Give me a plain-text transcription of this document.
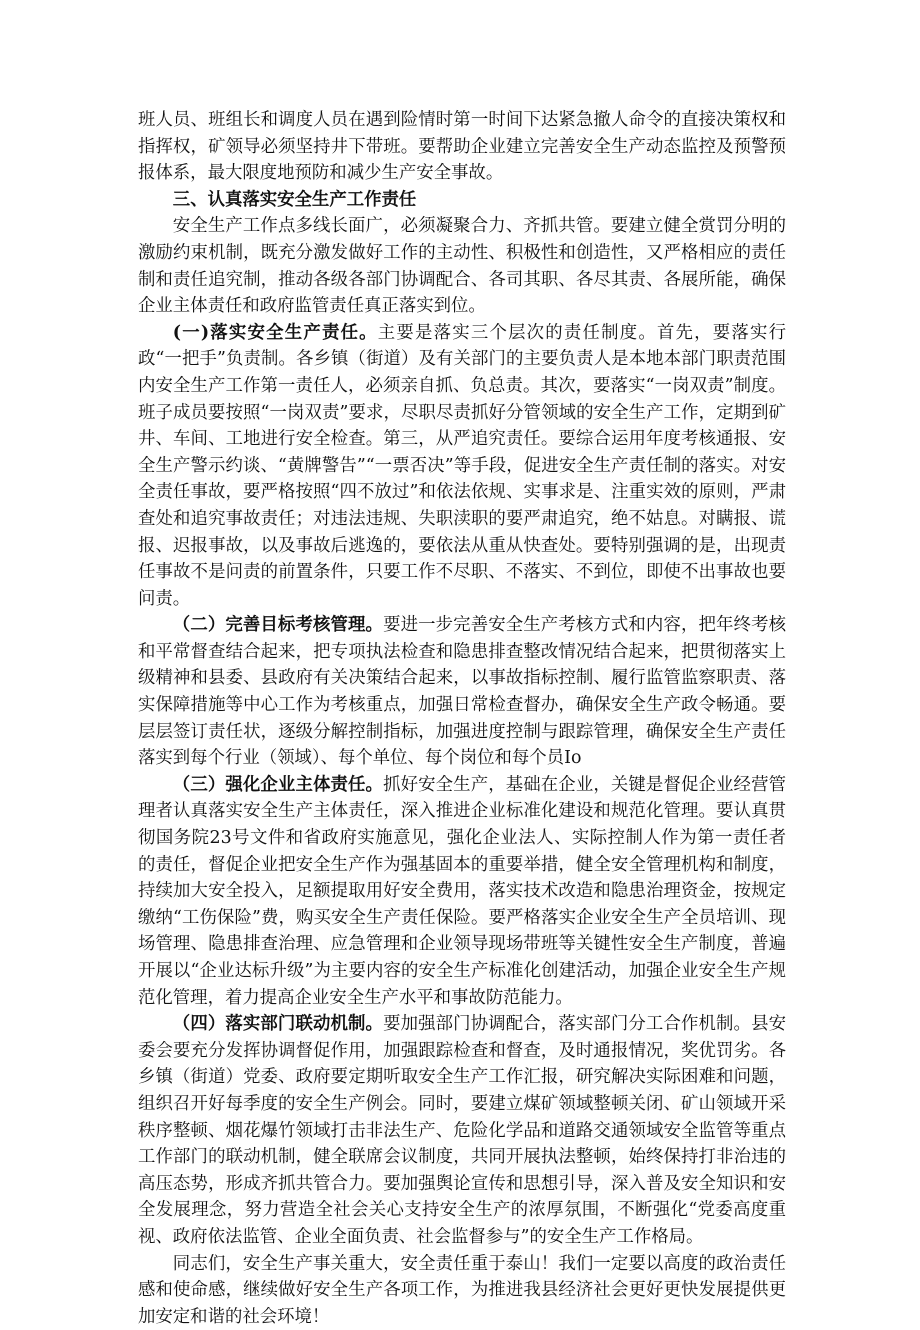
班人员、班组长和调度人员在遇到险情时第一时间下达紧急撤人命令的直接决策权和指挥权，矿领导必须坚持井下带班。要帮助企业建立完善安全生产动态监控及预警预报体系，最大限度地预防和减少生产安全事故。

三、认真落实安全生产工作责任

安全生产工作点多线长面广，必须凝聚合力、齐抓共管。要建立健全赏罚分明的激励约束机制，既充分激发做好工作的主动性、积极性和创造性，又严格相应的责任制和责任追究制，推动各级各部门协调配合、各司其职、各尽其责、各展所能，确保企业主体责任和政府监管责任真正落实到位。

(一)落实安全生产责任。主要是落实三个层次的责任制度。首先，要落实行政“一把手”负责制。各乡镇（街道）及有关部门的主要负责人是本地本部门职责范围内安全生产工作第一责任人，必须亲自抓、负总责。其次，要落实“一岗双责”制度。班子成员要按照“一岗双责”要求，尽职尽责抓好分管领域的安全生产工作，定期到矿井、车间、工地进行安全检查。第三，从严追究责任。要综合运用年度考核通报、安全生产警示约谈、“黄牌警告”“一票否决”等手段，促进安全生产责任制的落实。对安全责任事故，要严格按照“四不放过”和依法依规、实事求是、注重实效的原则，严肃查处和追究事故责任；对违法违规、失职渎职的要严肃追究，绝不姑息。对瞒报、谎报、迟报事故，以及事故后逃逸的，要依法从重从快查处。要特别强调的是，出现责任事故不是问责的前置条件，只要工作不尽职、不落实、不到位，即使不出事故也要问责。

（二）完善目标考核管理。要进一步完善安全生产考核方式和内容，把年终考核和平常督查结合起来，把专项执法检查和隐患排查整改情况结合起来，把贯彻落实上级精神和县委、县政府有关决策结合起来，以事故指标控制、履行监管监察职责、落实保障措施等中心工作为考核重点，加强日常检查督办，确保安全生产政令畅通。要层层签订责任状，逐级分解控制指标，加强进度控制与跟踪管理，确保安全生产责任落实到每个行业（领域）、每个单位、每个岗位和每个员Io

（三）强化企业主体责任。抓好安全生产，基础在企业，关键是督促企业经营管理者认真落实安全生产主体责任，深入推进企业标准化建设和规范化管理。要认真贯彻国务院23号文件和省政府实施意见，强化企业法人、实际控制人作为第一责任者的责任，督促企业把安全生产作为强基固本的重要举措，健全安全管理机构和制度，持续加大安全投入，足额提取用好安全费用，落实技术改造和隐患治理资金，按规定缴纳“工伤保险”费，购买安全生产责任保险。要严格落实企业安全生产全员培训、现场管理、隐患排查治理、应急管理和企业领导现场带班等关键性安全生产制度，普遍开展以“企业达标升级”为主要内容的安全生产标准化创建活动，加强企业安全生产规范化管理，着力提高企业安全生产水平和事故防范能力。

（四）落实部门联动机制。要加强部门协调配合，落实部门分工合作机制。县安委会要充分发挥协调督促作用，加强跟踪检查和督查，及时通报情况，奖优罚劣。各乡镇（街道）党委、政府要定期听取安全生产工作汇报，研究解决实际困难和问题，组织召开好每季度的安全生产例会。同时，要建立煤矿领域整顿关闭、矿山领域开采秩序整顿、烟花爆竹领域打击非法生产、危险化学品和道路交通领域安全监管等重点工作部门的联动机制，健全联席会议制度，共同开展执法整顿，始终保持打非治违的高压态势，形成齐抓共管合力。要加强舆论宣传和思想引导，深入普及安全知识和安全发展理念，努力营造全社会关心支持安全生产的浓厚氛围，不断强化“党委高度重视、政府依法监管、企业全面负责、社会监督参与”的安全生产工作格局。

同志们，安全生产事关重大，安全责任重于泰山！我们一定要以高度的政治责任感和使命感，继续做好安全生产各项工作，为推进我县经济社会更好更快发展提供更加安定和谐的社会环境！
